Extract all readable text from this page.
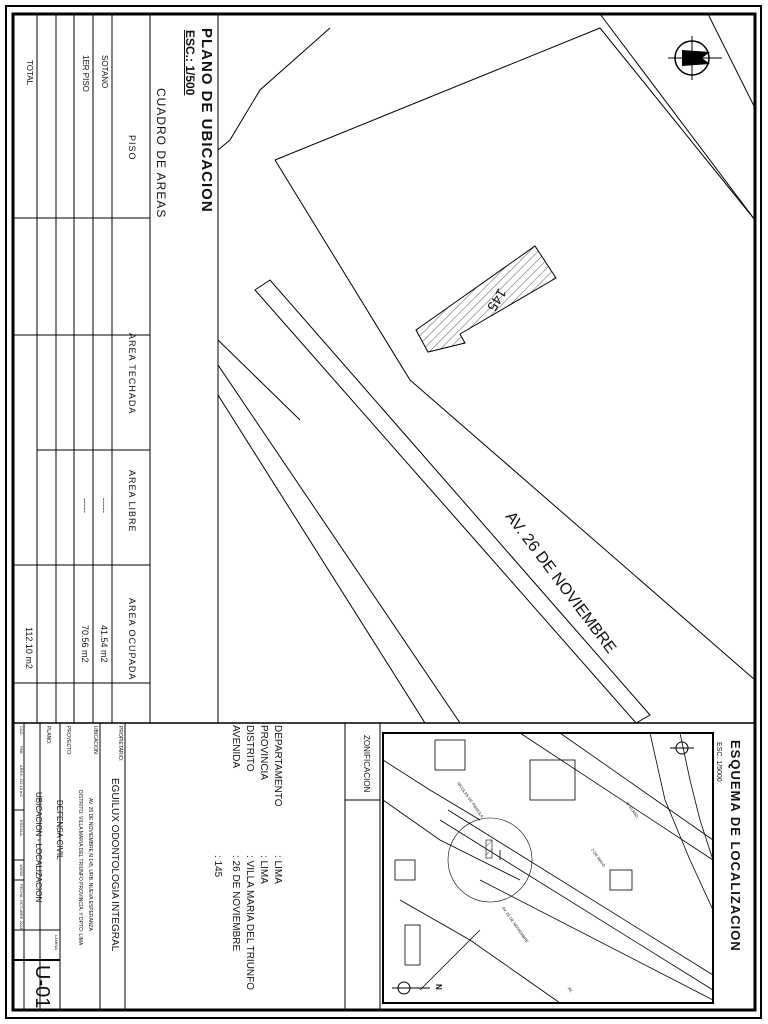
PLANO DE UBICACION
ESC.: 1/500
AV. 26 DE NOVIEMBRE
145
CUADRO DE AREAS
PISO
AREA TECHADA
AREA LIBRE
AREA OCUPADA
SOTANO
41.54 m2
1ER PISO
-----
70.56 m2
-----
TOTAL
112.10 m2
ESQUEMA DE LOCALIZACION
ESC. 1/5000
ZONIFICACION
AV. 26 DE NOVIEMBRE
NICOLAS DE PIEROLA
2 DE MAYO
S. ELAND
AV.
N
DEPARTAMENTO
: LIMA
PROVINCIA
: LIMA
DISTRITO
: VILLA MARIA DEL TRIUNFO
AVENIDA
: 26 DE NOVIEMBRE
: 145
PROPIETARIO:
EGUILUX ODONTOLOGIA INTEGRAL
UBICACION:
AV. 26 DE NOVIEMBRE N 145, URB. NUEVA ESPERANZA
DISTRITO: VILLA MARIA DEL TRIUNFO PROVINCIA: Y DPTO: LIMA
PROYECTO:
DEFENSA CIVIL
PLANO:
UBICACION - LOCALIZACION
CAD:
PAB
AREA: 112.10 m2
ESCALA:
1/5000
FECHA: OCTUBRE 2024
LAMINA:
U-01
